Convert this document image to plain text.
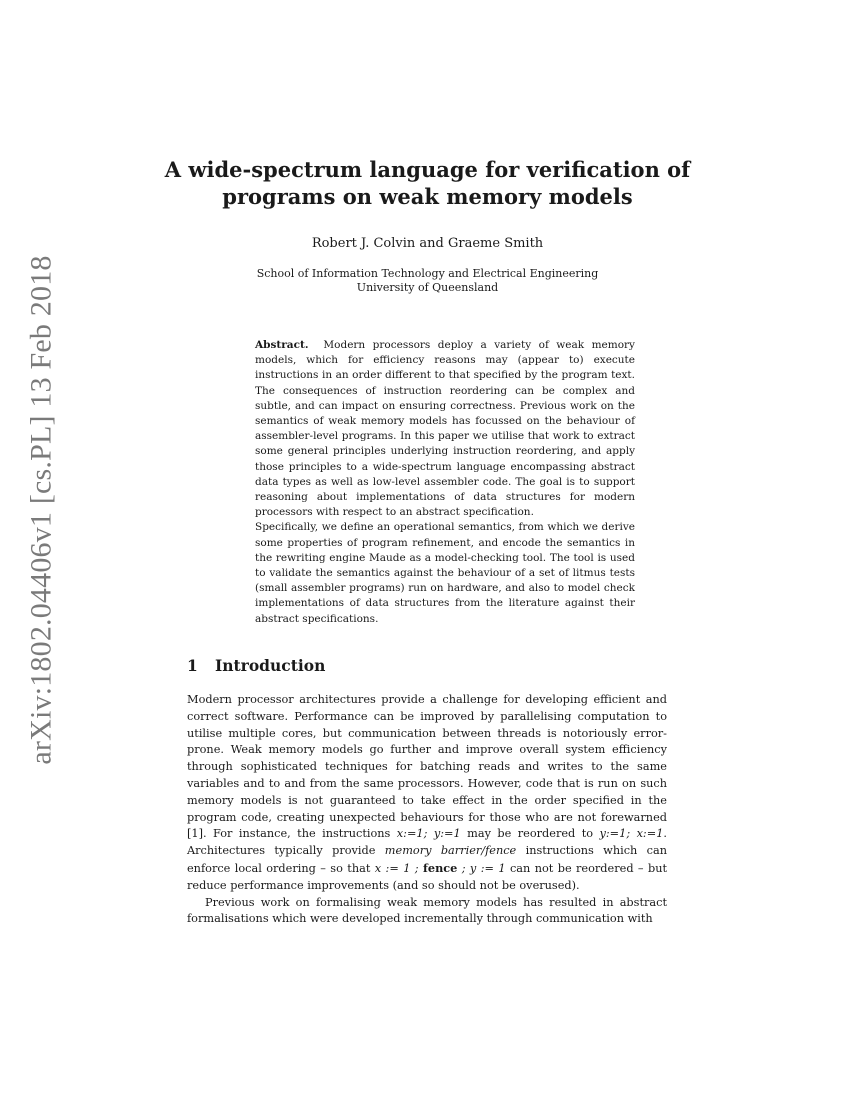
arXiv:1802.04406v1 [cs.PL] 13 Feb 2018
A wide-spectrum language for verification of
programs on weak memory models
Robert J. Colvin and Graeme Smith
School of Information Technology and Electrical Engineering
University of Queensland

Abstract. Modern processors deploy a variety of weak memory models, which for efficiency reasons may (appear to) execute instructions in an order different to that specified by the program text. The consequences of instruction reordering can be complex and subtle, and can impact on ensuring correctness. Previous work on the semantics of weak memory models has focussed on the behaviour of assembler-level programs. In this paper we utilise that work to extract some general principles underlying instruction reordering, and apply those principles to a wide-spectrum language encompassing abstract data types as well as low-level assembler code. The goal is to support reasoning about implementations of data structures for modern processors with respect to an abstract specification.

Specifically, we define an operational semantics, from which we derive some properties of program refinement, and encode the semantics in the rewriting engine Maude as a model-checking tool. The tool is used to validate the semantics against the behaviour of a set of litmus tests (small assembler programs) run on hardware, and also to model check implementations of data structures from the literature against their abstract specifications.

1 Introduction

Modern processor architectures provide a challenge for developing efficient and correct software. Performance can be improved by parallelising computation to utilise multiple cores, but communication between threads is notoriously error-prone. Weak memory models go further and improve overall system efficiency through sophisticated techniques for batching reads and writes to the same variables and to and from the same processors. However, code that is run on such memory models is not guaranteed to take effect in the order specified in the program code, creating unexpected behaviours for those who are not forewarned [1]. For instance, the instructions x:=1; y:=1 may be reordered to y:=1; x:=1. Architectures typically provide memory barrier/fence instructions which can enforce local ordering – so that x := 1 ; fence ; y := 1 can not be reordered – but reduce performance improvements (and so should not be overused).

Previous work on formalising weak memory models has resulted in abstract formalisations which were developed incrementally through communication with
